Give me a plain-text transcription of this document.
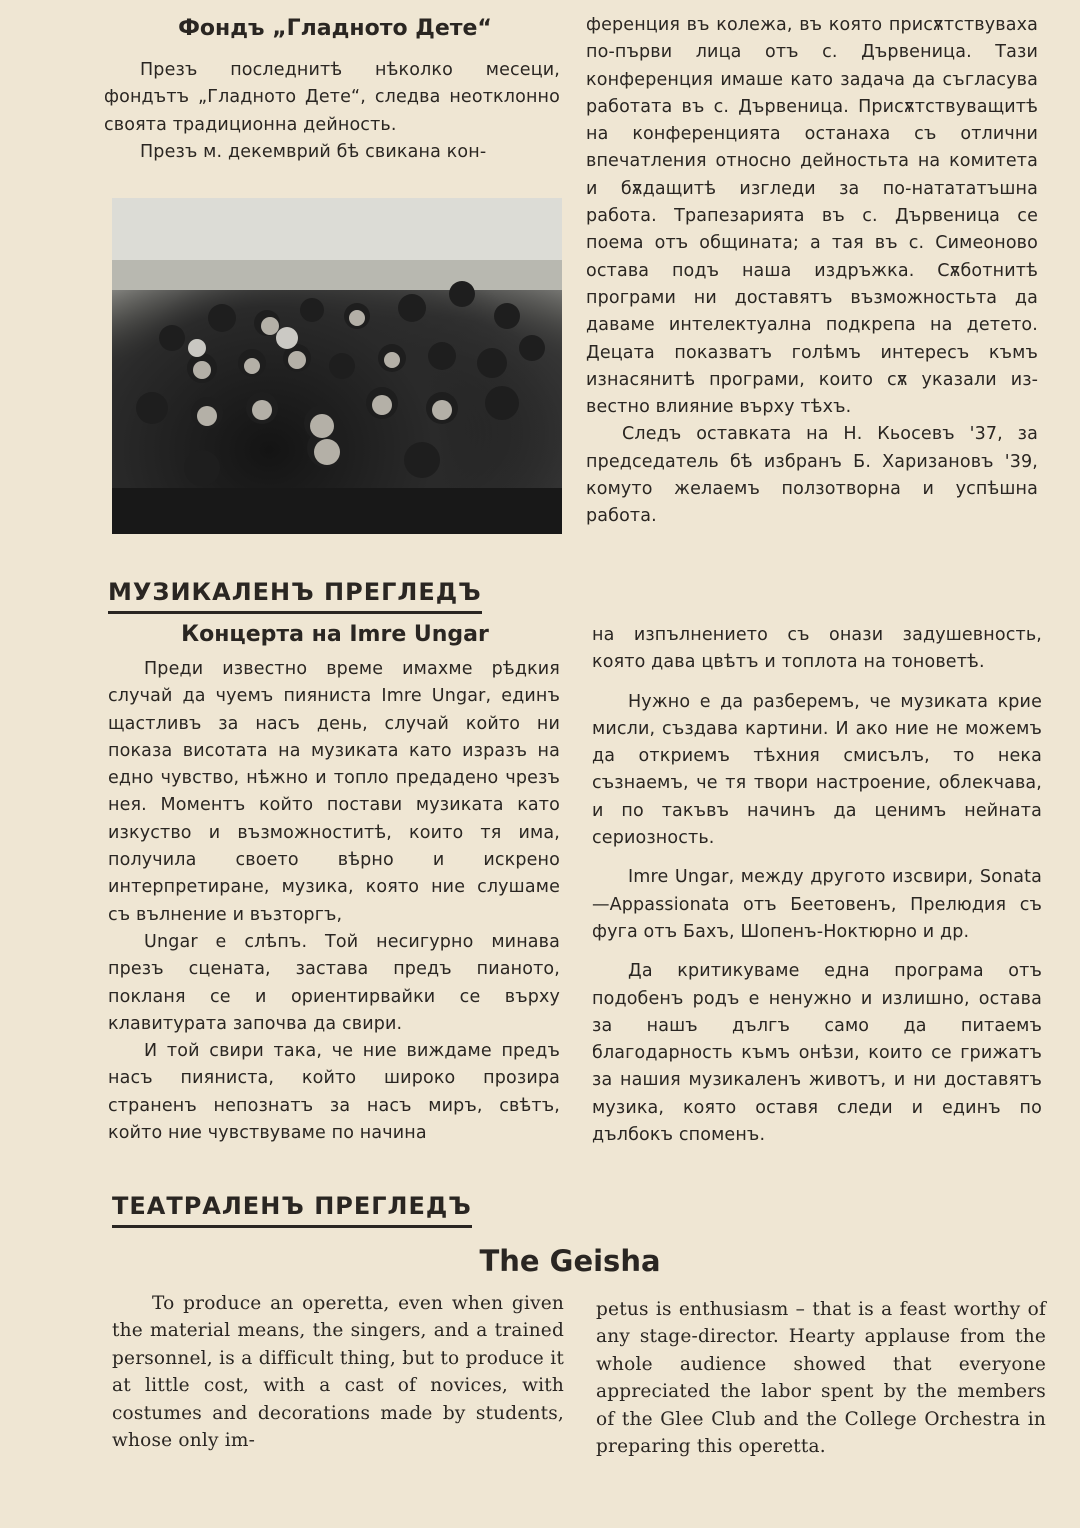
Фондъ „Гладното Дете“

Презъ последнитѣ нѣколко месеци, фондътъ „Гладното Дете“, следва неотклонно своята традиционна дейность.

Презъ м. декемврий бѣ свикана кон-

ференция въ колежа, въ която присѫтствуваха по-първи лица отъ с. Дървеница. Тази конференция имаше като задача да съгласува работата въ с. Дървеница. Присѫтствуващитѣ на конференцията останаха съ отлични впечатления относно дейностьта на комитета и бѫдащитѣ изгледи за по-натататъшна работа. Трапезарията въ с. Дървеница се поема отъ общината; а тая въ с. Симеоново остава подъ наша издръжка. Сѫботнитѣ програми ни доставятъ възможностьта да даваме интелектуална подкрепа на детето. Децата показватъ голѣмъ интересъ къмъ изнасянитѣ програми, които сѫ указали известно влияние върху тѣхъ.

Следъ оставката на Н. Кьосевъ '37, за председатель бѣ избранъ Б. Харизановъ '39, комуто желаемъ ползотворна и успѣшна работа.

МУЗИКАЛЕНЪ ПРЕГЛЕДЪ
Концерта на Imre Ungar

Преди известно време имахме рѣдкия случай да чуемъ пияниста Imre Ungar, единъ щастливъ за насъ день, случай който ни показа висотата на музиката като изразъ на едно чувство, нѣжно и топло предадено чрезъ нея. Моментъ който постави музиката като изкуство и възможноститѣ, които тя има, получила своето вѣрно и искрено интерпретиране, музика, която ние слушаме съ вълнение и възторгъ,

Ungar е слѣпъ. Той несигурно минава презъ сцената, застава предъ пианото, покланя се и ориентирвайки се върху клавитурата започва да свири.

И той свири така, че ние виждаме предъ насъ пияниста, който широко прозира страненъ непознатъ за насъ миръ, свѣтъ, който ние чувствуваме по начина

на изпълнението съ онази задушевность, която дава цвѣтъ и топлота на тоноветѣ.

Нужно е да разберемъ, че музиката крие мисли, създава картини. И ако ние не можемъ да откриемъ тѣхния смисълъ, то нека съзнаемъ, че тя твори настроение, облекчава, и по такъвъ начинъ да ценимъ нейната сериозность.

Imre Ungar, между другото изсвири, Sonata—Appassionata отъ Беетовенъ, Прелюдия съ фуга отъ Бахъ, Шопенъ-Ноктюрно и др.

Да критикуваме една програма отъ подобенъ родъ е ненужно и излишно, остава за нашъ дългъ само да питаемъ благодарность къмъ онѣзи, които се грижатъ за нашия музикаленъ животъ, и ни доставятъ музика, която оставя следи и единъ по дълбокъ споменъ.

ТЕАТРАЛЕНЪ ПРЕГЛЕДЪ
The Geisha

To produce an operetta, even when given the material means, the singers, and a trained personnel, is a difficult thing, but to produce it at little cost, with a cast of novices, with costumes and decorations made by students, whose only im-

petus is enthusiasm – that is a feast worthy of any stage-director. Hearty applause from the whole audience showed that everyone appreciated the labor spent by the members of the Glee Club and the College Orchestra in preparing this operetta.
